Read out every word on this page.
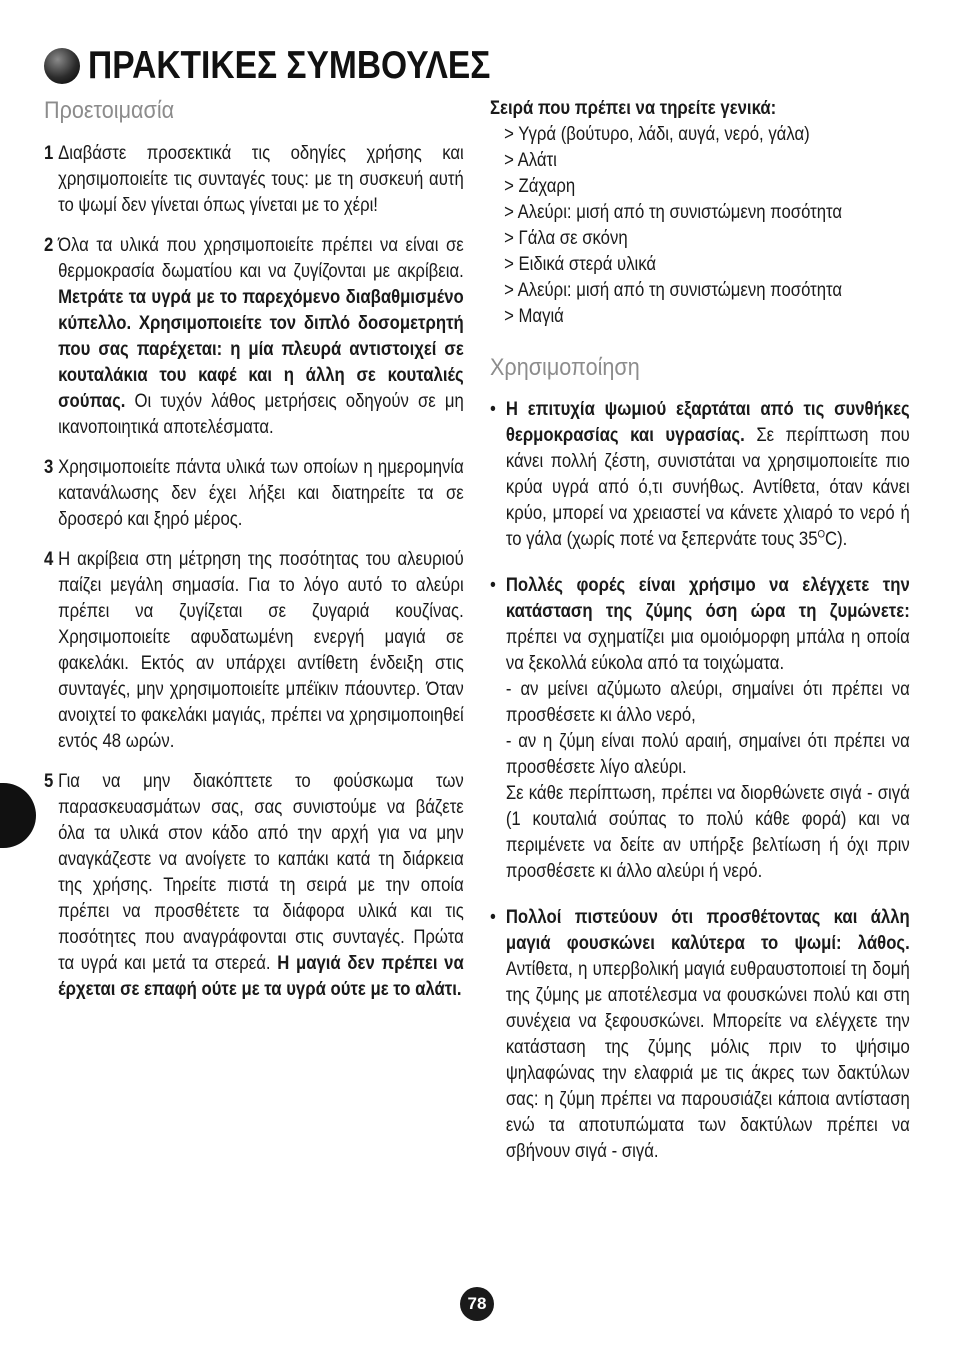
ΠΡΑΚΤΙΚΕΣ ΣΥΜΒΟΥΛΕΣ
Προετοιμασία
1 Διαβάστε προσεκτικά τις οδηγίες χρήσης και χρησιμοποιείτε τις συνταγές τους: με τη συσκευή αυτή το ψωμί δεν γίνεται όπως γίνεται με το χέρι!

2 Όλα τα υλικά που χρησιμοποιείτε πρέπει να είναι σε θερμοκρασία δωματίου και να ζυγίζονται με ακρίβεια. Μετράτε τα υγρά με το παρεχόμενο διαβαθμισμένο κύπελλο. Χρησιμοποιείτε τον διπλό δοσομετρητή που σας παρέχεται: η μία πλευρά αντιστοιχεί σε κουταλάκια του καφέ και η άλλη σε κουταλιές σούπας. Οι τυχόν λάθος μετρήσεις οδηγούν σε μη ικανοποιητικά αποτελέσματα.

3 Χρησιμοποιείτε πάντα υλικά των οποίων η ημερομηνία κατανάλωσης δεν έχει λήξει και διατηρείτε τα σε δροσερό και ξηρό μέρος.

4 Η ακρίβεια στη μέτρηση της ποσότητας του αλευριού παίζει μεγάλη σημασία. Για το λόγο αυτό το αλεύρι πρέπει να ζυγίζεται σε ζυγαριά κουζίνας. Χρησιμοποιείτε αφυδατωμένη ενεργή μαγιά σε φακελάκι. Εκτός αν υπάρχει αντίθετη ένδειξη στις συνταγές, μην χρησιμοποιείτε μπέϊκιν πάουντερ. Όταν ανοιχτεί το φακελάκι μαγιάς, πρέπει να χρησιμοποιηθεί εντός 48 ωρών.

5 Για να μην διακόπτετε το φούσκωμα των παρασκευασμάτων σας, σας συνιστούμε να βάζετε όλα τα υλικά στον κάδο από την αρχή για να μην αναγκάζεστε να ανοίγετε το καπάκι κατά τη διάρκεια της χρήσης. Τηρείτε πιστά τη σειρά με την οποία πρέπει να προσθέτετε τα διάφορα υλικά και τις ποσότητες που αναγράφονται στις συνταγές. Πρώτα τα υγρά και μετά τα στερεά. Η μαγιά δεν πρέπει να έρχεται σε επαφή ούτε με τα υγρά ούτε με το αλάτι.

Σειρά που πρέπει να τηρείτε γενικά:

> Υγρά (βούτυρο, λάδι, αυγά, νερό, γάλα)
> Αλάτι
> Ζάχαρη
> Αλεύρι: μισή από τη συνιστώμενη ποσότητα
> Γάλα σε σκόνη
> Ειδικά στερά υλικά
> Αλεύρι: μισή από τη συνιστώμενη ποσότητα
> Μαγιά
Χρησιμοποίηση
• Η επιτυχία ψωμιού εξαρτάται από τις συνθήκες θερμοκρασίας και υγρασίας. Σε περίπτωση που κάνει πολλή ζέστη, συνιστάται να χρησιμοποιείτε πιο κρύα υγρά από ό,τι συνήθως. Αντίθετα, όταν κάνει κρύο, μπορεί να χρειαστεί να κάνετε χλιαρό το νερό ή το γάλα (χωρίς ποτέ να ξεπερνάτε τους $35^OC$).

• Πολλές φορές είναι χρήσιμο να ελέγχετε την κατάσταση της ζύμης όση ώρα τη ζυμώνετε: πρέπει να σχηματίζει μια ομοιόμορφη μπάλα η οποία να ξεκολλά εύκολα από τα τοιχώματα.

- αν μείνει αζύμωτο αλεύρι, σημαίνει ότι πρέπει να προσθέσετε κι άλλο νερό,

- αν η ζύμη είναι πολύ αραιή, σημαίνει ότι πρέπει να προσθέσετε λίγο αλεύρι.

Σε κάθε περίπτωση, πρέπει να διορθώνετε σιγά - σιγά (1 κουταλιά σούπας το πολύ κάθε φορά) και να περιμένετε να δείτε αν υπήρξε βελτίωση ή όχι πριν προσθέσετε κι άλλο αλεύρι ή νερό.

• Πολλοί πιστεύουν ότι προσθέτοντας και άλλη μαγιά φουσκώνει καλύτερα το ψωμί: λάθος. Αντίθετα, η υπερβολική μαγιά ευθραυστοποιεί τη δομή της ζύμης με αποτέλεσμα να φουσκώνει πολύ και στη συνέχεια να ξεφουσκώνει. Μπορείτε να ελέγχετε την κατάσταση της ζύμης μόλις πριν το ψήσιμο ψηλαφώνας την ελαφριά με τις άκρες των δακτύλων σας: η ζύμη πρέπει να παρουσιάζει κάποια αντίσταση ενώ τα αποτυπώματα των δακτύλων πρέπει να σβήνουν σιγά - σιγά.

78
